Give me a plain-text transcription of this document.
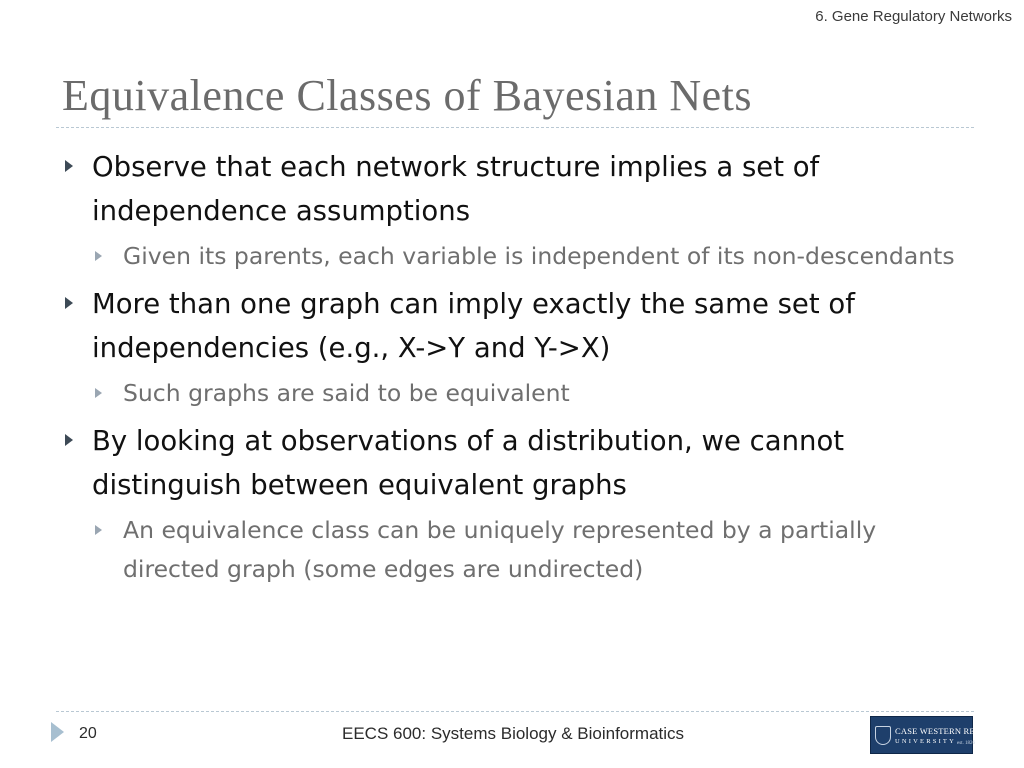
6. Gene Regulatory Networks
Equivalence Classes of Bayesian Nets
Observe that each network structure implies a set of independence assumptions
Given its parents, each variable is independent of its non-descendants
More than one graph can imply exactly the same set of independencies (e.g., X->Y and Y->X)
Such graphs are said to be equivalent
By looking at observations of a distribution, we cannot distinguish between equivalent graphs
An equivalence class can be uniquely represented by a partially directed graph (some edges are undirected)
20	EECS 600: Systems Biology & Bioinformatics	CASE WESTERN RESERVE
UNIVERSITY est. 1826
